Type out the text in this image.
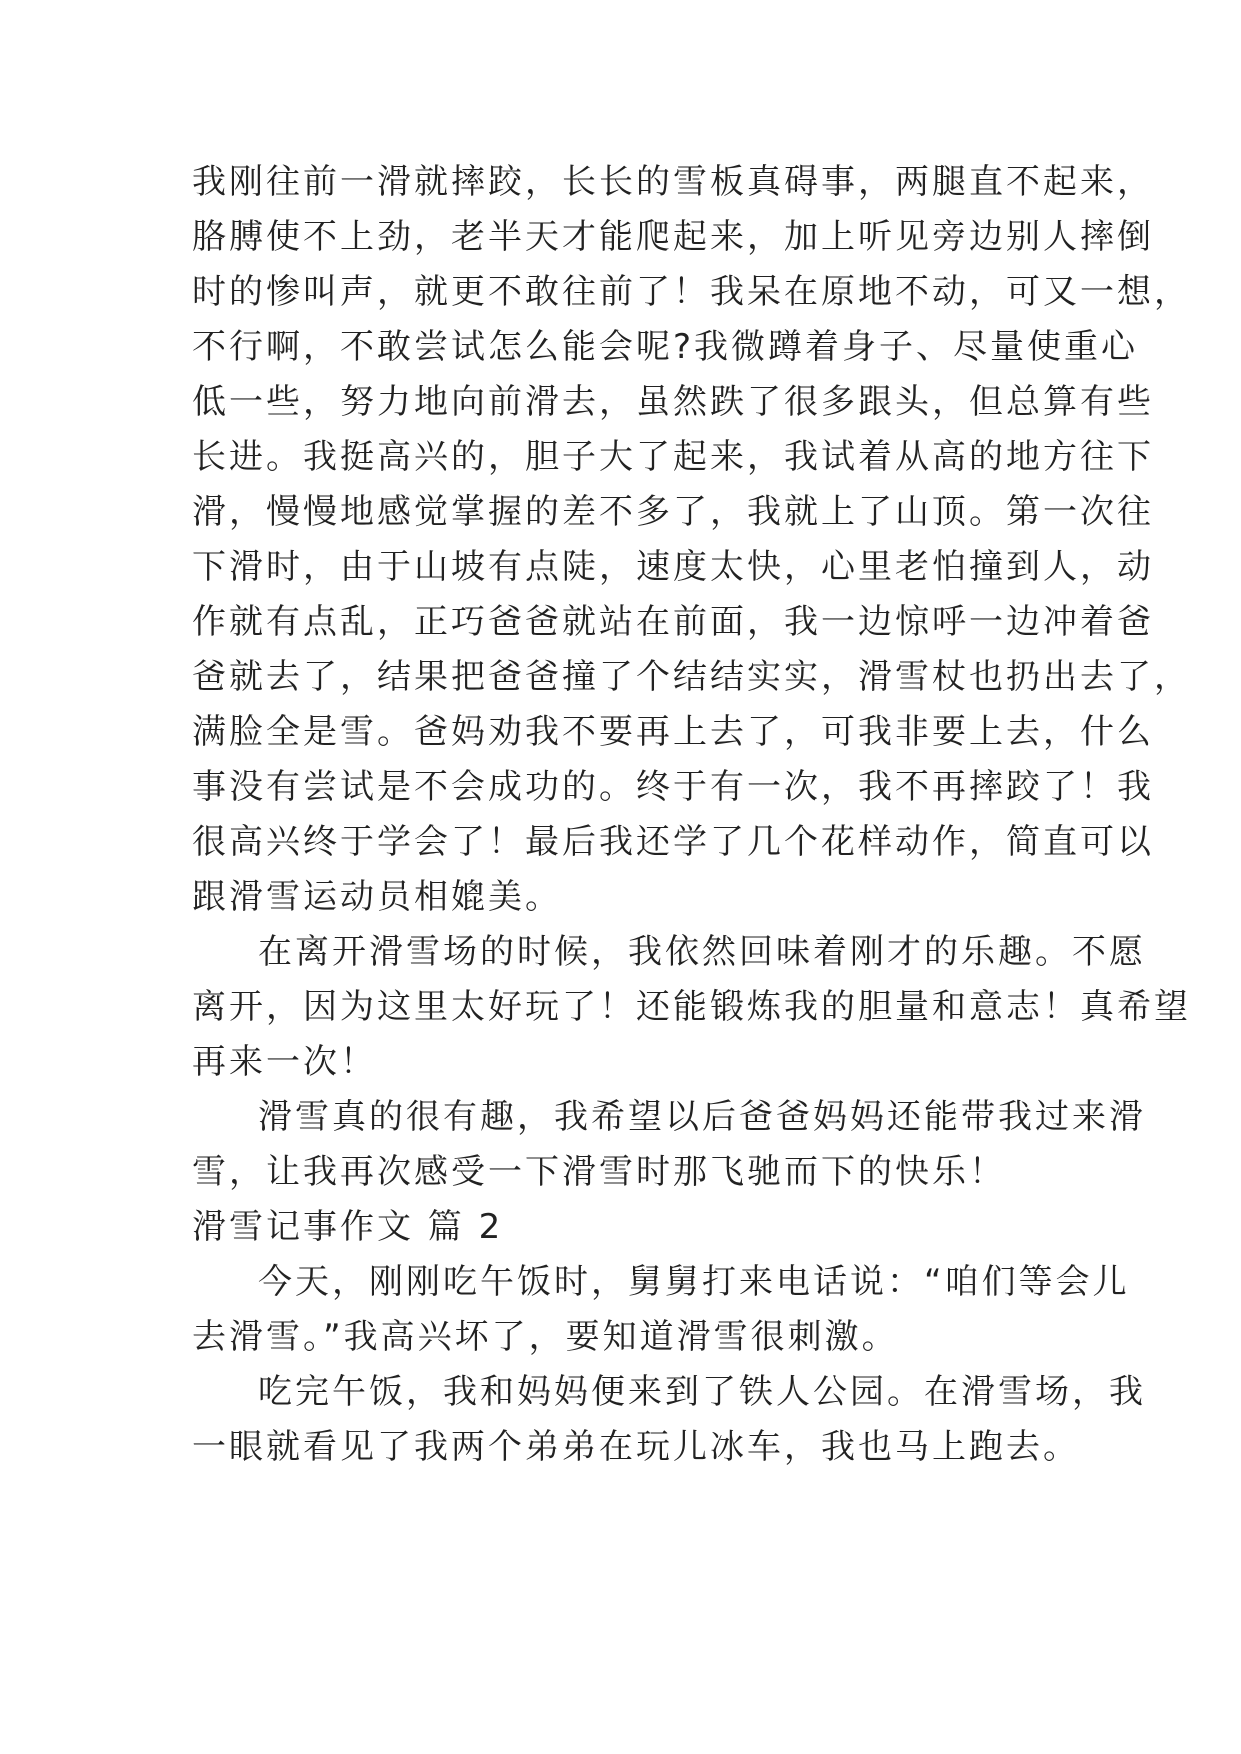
我刚往前一滑就摔跤，长长的雪板真碍事，两腿直不起来，
胳膊使不上劲，老半天才能爬起来，加上听见旁边别人摔倒
时的惨叫声，就更不敢往前了！我呆在原地不动，可又一想，
不行啊，不敢尝试怎么能会呢?我微蹲着身子、尽量使重心
低一些，努力地向前滑去，虽然跌了很多跟头，但总算有些
长进。我挺高兴的，胆子大了起来，我试着从高的地方往下
滑，慢慢地感觉掌握的差不多了，我就上了山顶。第一次往
下滑时，由于山坡有点陡，速度太快，心里老怕撞到人，动
作就有点乱，正巧爸爸就站在前面，我一边惊呼一边冲着爸
爸就去了，结果把爸爸撞了个结结实实，滑雪杖也扔出去了，
满脸全是雪。爸妈劝我不要再上去了，可我非要上去，什么
事没有尝试是不会成功的。终于有一次，我不再摔跤了！我
很高兴终于学会了！最后我还学了几个花样动作，简直可以
跟滑雪运动员相媲美。
在离开滑雪场的时候，我依然回味着刚才的乐趣。不愿
离开，因为这里太好玩了！还能锻炼我的胆量和意志！真希望
再来一次！
滑雪真的很有趣，我希望以后爸爸妈妈还能带我过来滑
雪，让我再次感受一下滑雪时那飞驰而下的快乐！
滑雪记事作文 篇 2
今天，刚刚吃午饭时，舅舅打来电话说：“咱们等会儿
去滑雪。”我高兴坏了，要知道滑雪很刺激。
吃完午饭，我和妈妈便来到了铁人公园。在滑雪场，我
一眼就看见了我两个弟弟在玩儿冰车，我也马上跑去。
